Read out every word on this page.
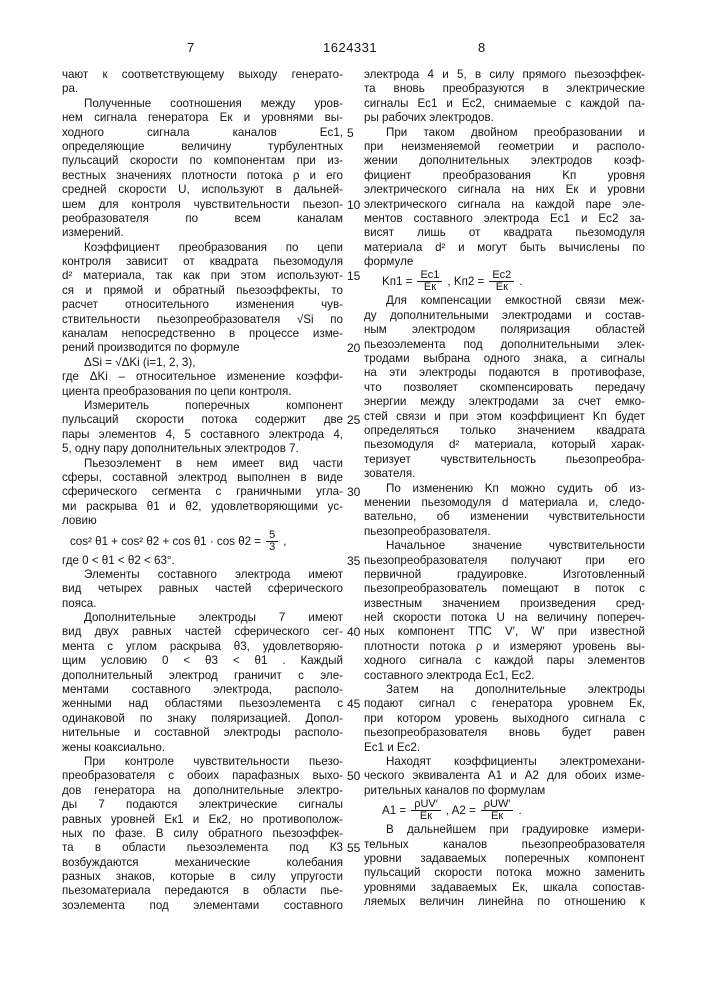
7	1624331	8
чают к соответствующему выходу генерато-
ра.
Полученные соотношения между уров-
нем сигнала генератора Eк и уровнями вы-
ходного сигнала каналов Eс1, 5
определяющие величину турбулентных
пульсаций скорости по компонентам при из-
вестных значениях плотности потока ρ и его
средней скорости U, используют в дальней-
шем для контроля чувствительности пьезоп- 10
реобразователя по всем каналам
измерений.
Коэффициент преобразования по цепи
контроля зависит от квадрата пьезомодуля
d² материала, так как при этом используют- 15
ся и прямой и обратный пьезоэффекты, то
расчет относительного изменения чув-
ствительности пьезопреобразователя √Si по
каналам непосредственно в процессе изме-
рений производится по формуле	20
ΔSi = √ΔKi (i=1, 2, 3),
где ΔKi – относительное изменение коэффи-
циента преобразования по цепи контроля.
Измеритель поперечных компонент
пульсаций скорости потока содержит две 25
пары элементов 4, 5 составного электрода 4,
5, одну пару дополнительных электродов 7.
Пьезоэлемент в нем имеет вид части
сферы, составной электрод выполнен в виде
сферического сегмента с граничными угла- 30
ми раскрыва θ1 и θ2, удовлетворяющими ус-
ловию
cos² θ1 + cos² θ2 + cos θ1 · cos θ2 = 5
3 ,
где 0 < θ1 < θ2 < 63°.	35
Элементы составного электрода имеют
вид четырех равных частей сферического
пояса.
Дополнительные электроды 7 имеют
вид двух равных частей сферического сег- 40
мента с углом раскрыва θ3, удовлетворяю-
щим условию 0 < θ3 < θ1 . Каждый
дополнительный электрод граничит с эле-
ментами составного электрода, располо-
женными над областями пьезоэлемента с 45
одинаковой по знаку поляризацией. Допол-
нительные и составной электроды располо-
жены коаксиально.
При контроле чувствительности пьезо-
преобразователя с обоих парафазных выхо- 50
дов генератора на дополнительные электро-
ды 7 подаются электрические сигналы
равных уровней Eк1 и Eк2, но противополож-
ных по фазе. В силу обратного пьезоэффек-
та в области пьезоэлемента под К3 55
возбуждаются механические колебания
разных знаков, которые в силу упругости
пьезоматериала передаются в области пье-
зоэлемента под элементами составного
электрода 4 и 5, в силу прямого пьезоэффек-
та вновь преобразуются в электрические
сигналы Eс1 и Eс2, снимаемые с каждой па-
ры рабочих электродов.
При таком двойном преобразовании и
при неизменяемой геометрии и располо-
жении дополнительных электродов коэф-
фициент преобразования Kп уровня
электрического сигнала на них Eк и уровни
электрического сигнала на каждой паре эле-
ментов составного электрода Eс1 и Eс2 за-
висят лишь от квадрата пьезомодуля
материала d² и могут быть вычислены по
формуле
Kп1 = Eс1
Eк , Kп2 = Eс2
Eк .
Для компенсации емкостной связи меж-
ду дополнительными электродами и состав-
ным электродом поляризация областей
пьезоэлемента под дополнительными элек-
тродами выбрана одного знака, а сигналы
на эти электроды подаются в противофазе,
что позволяет скомпенсировать передачу
энергии между электродами за счет емко-
стей связи и при этом коэффициент Kп будет
определяться только значением квадрата
пьезомодуля d² материала, который харак-
теризует чувствительность пьезопреобра-
зователя.
По изменению Kп можно судить об из-
менении пьезомодуля d материала и, следо-
вательно, об изменении чувствительности
пьезопреобразователя.
Начальное значение чувствительности
пьезопреобразователя получают при его
первичной градуировке. Изготовленный
пьезопреобразователь помещают в поток с
известным значением произведения сред-
ней скорости потока U на величину попереч-
ных компонент ТПС V′, W′ при известной
плотности потока ρ и измеряют уровень вы-
ходного сигнала с каждой пары элементов
составного электрода Eс1, Eс2.
Затем на дополнительные электроды
подают сигнал с генератора уровнем Eк,
при котором уровень выходного сигнала с
пьезопреобразователя вновь будет равен
Eс1 и Eс2.
Находят коэффициенты электромехани-
ческого эквивалента A1 и A2 для обоих изме-
рительных каналов по формулам
A1 = ρUV′
Eк , A2 = ρUW′
Eк .
В дальнейшем при градуировке измери-
тельных каналов пьезопреобразователя
уровни задаваемых поперечных компонент
пульсаций скорости потока можно заменить
уровнями задаваемых Eк, шкала сопостав-
ляемых величин линейна по отношению к
